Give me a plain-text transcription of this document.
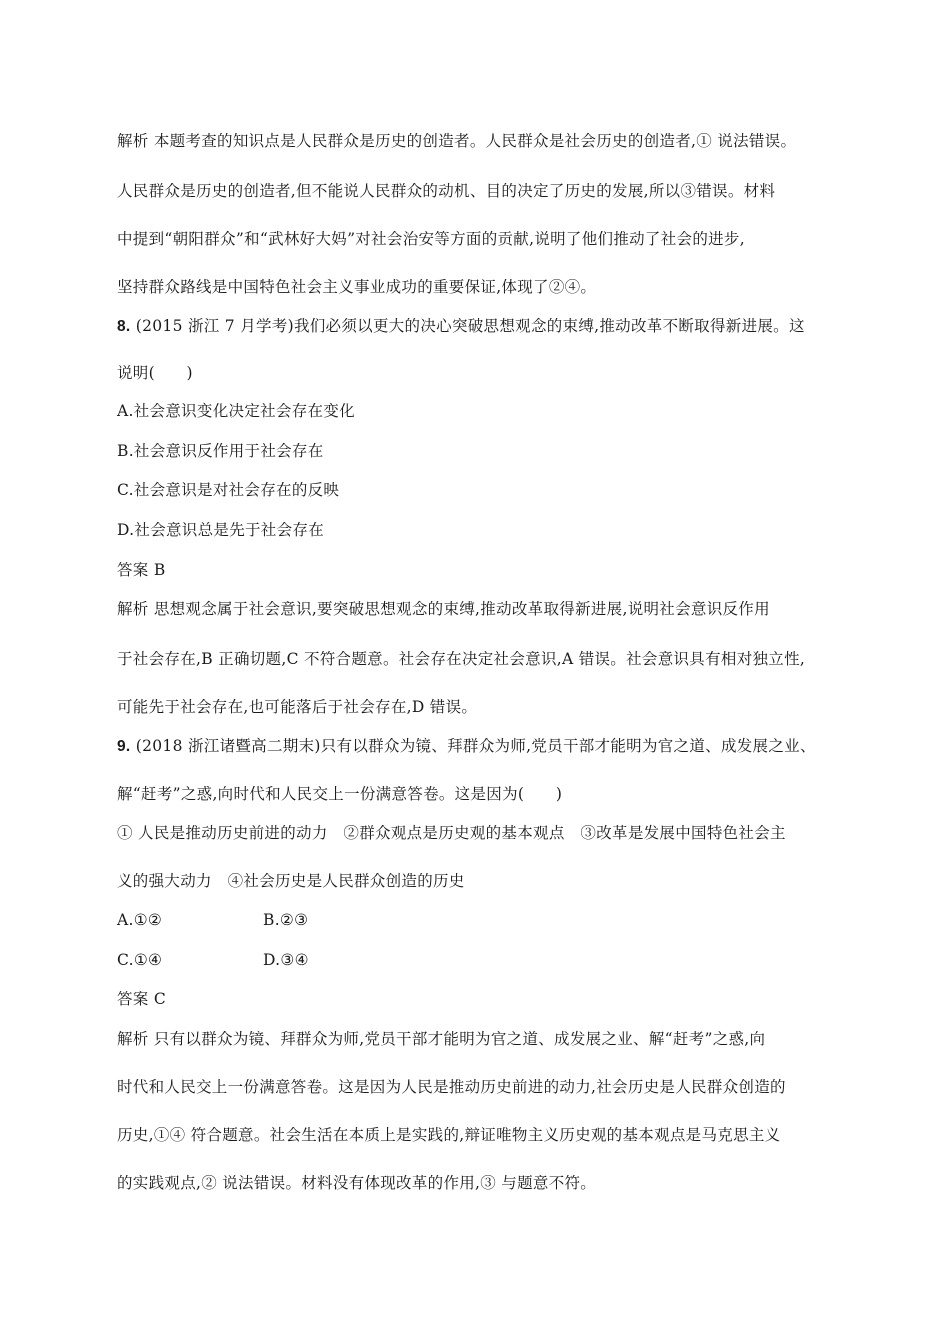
解析 本题考查的知识点是人民群众是历史的创造者。人民群众是社会历史的创造者,① 说法错误。
人民群众是历史的创造者,但不能说人民群众的动机、目的决定了历史的发展,所以③错误。材料
中提到“朝阳群众”和“武林好大妈”对社会治安等方面的贡献,说明了他们推动了社会的进步,
坚持群众路线是中国特色社会主义事业成功的重要保证,体现了②④。
8. (2015 浙江 7 月学考)我们必须以更大的决心突破思想观念的束缚,推动改革不断取得新进展。这
说明(　　)
A.社会意识变化决定社会存在变化
B.社会意识反作用于社会存在
C.社会意识是对社会存在的反映
D.社会意识总是先于社会存在
答案 B
解析 思想观念属于社会意识,要突破思想观念的束缚,推动改革取得新进展,说明社会意识反作用
于社会存在,B 正确切题,C 不符合题意。社会存在决定社会意识,A 错误。社会意识具有相对独立性,
可能先于社会存在,也可能落后于社会存在,D 错误。
9. (2018 浙江诸暨高二期末)只有以群众为镜、拜群众为师,党员干部才能明为官之道、成发展之业、
解“赶考”之惑,向时代和人民交上一份满意答卷。这是因为(　　)
① 人民是推动历史前进的动力　②群众观点是历史观的基本观点　③改革是发展中国特色社会主
义的强大动力　④社会历史是人民群众创造的历史
A.①②	B.②③
C.①④	D.③④
答案 C
解析 只有以群众为镜、拜群众为师,党员干部才能明为官之道、成发展之业、解“赶考”之惑,向
时代和人民交上一份满意答卷。这是因为人民是推动历史前进的动力,社会历史是人民群众创造的
历史,①④ 符合题意。社会生活在本质上是实践的,辩证唯物主义历史观的基本观点是马克思主义
的实践观点,② 说法错误。材料没有体现改革的作用,③ 与题意不符。
